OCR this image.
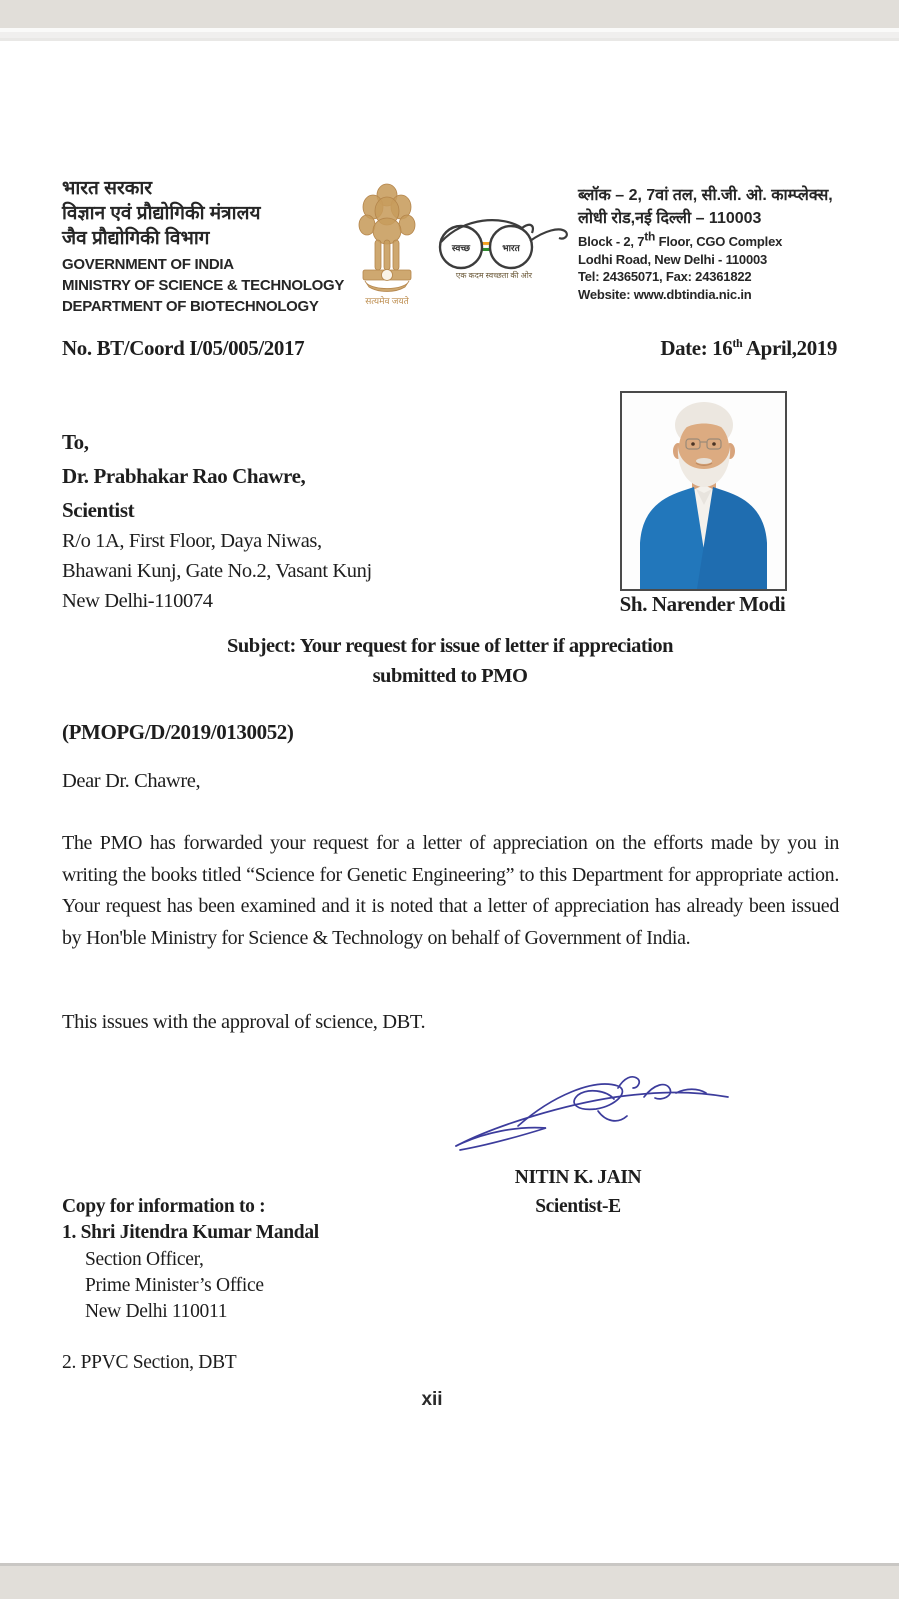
भारत सरकार
विज्ञान एवं प्रौद्योगिकी मंत्रालय
जैव प्रौद्योगिकी विभाग
GOVERNMENT OF INDIA
MINISTRY OF SCIENCE & TECHNOLOGY
DEPARTMENT OF BIOTECHNOLOGY	सत्यमेव जयते
स्वच्छ	भारत
एक कदम स्वच्छता की ओर
ब्लॉक – 2, 7वां तल, सी.जी. ओ. काम्प्लेक्स,
लोधी रोड,नई दिल्ली – 110003
Block - 2, 7th Floor, CGO Complex
Lodhi Road, New Delhi - 110003
Tel: 24365071, Fax: 24361822
Website: www.dbtindia.nic.in
No. BT/Coord I/05/005/2017	Date: 16th April,2019
To,
Dr. Prabhakar Rao Chawre,
Scientist
R/o 1A, First Floor, Daya Niwas,
Bhawani Kunj, Gate No.2, Vasant Kunj
New Delhi-110074	Sh. Narender Modi
Subject: Your request for issue of letter if appreciation
submitted to PMO
(PMOPG/D/2019/0130052)
Dear Dr. Chawre,
The PMO has forwarded your request for a letter of appreciation on the efforts made by you in writing the books titled “Science for Genetic Engineering” to this Department for appropriate action. Your request has been examined and it is noted that a letter of appreciation has already been issued by Hon'ble Ministry for Science & Technology on behalf of Government of India.
This issues with the approval of science, DBT.
NITIN K. JAIN
Scientist-E
Copy for information to :
1. Shri Jitendra Kumar Mandal
Section Officer,
Prime Minister’s Office
New Delhi 110011
2. PPVC Section, DBT
xii
